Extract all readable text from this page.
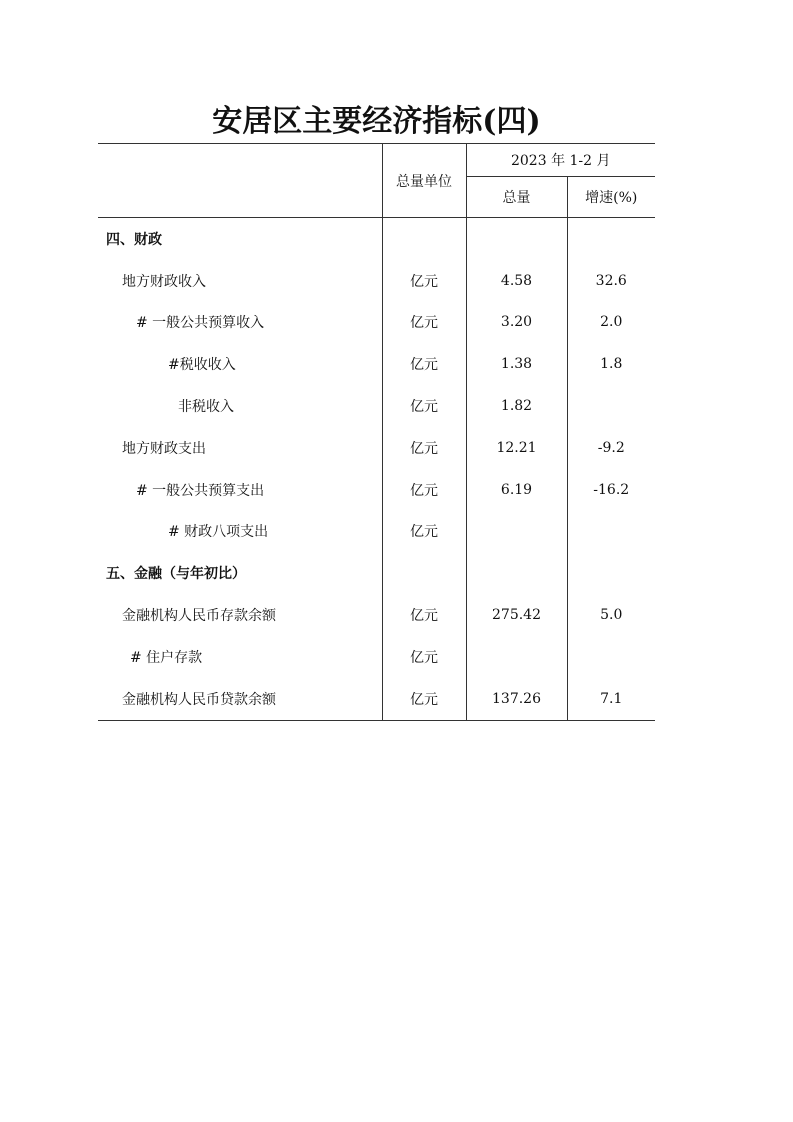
安居区主要经济指标(四)
	总量单位	2023 年 1-2 月	
		总量	增速(%)
四、财政			
地方财政收入	亿元	4.58	32.6
# 一般公共预算收入	亿元	3.20	2.0
#税收收入	亿元	1.38	1.8
非税收入	亿元	1.82	
地方财政支出	亿元	12.21	-9.2
# 一般公共预算支出	亿元	6.19	-16.2
# 财政八项支出	亿元		
五、金融（与年初比）			
金融机构人民币存款余额	亿元	275.42	5.0
# 住户存款	亿元		
金融机构人民币贷款余额	亿元	137.26	7.1
